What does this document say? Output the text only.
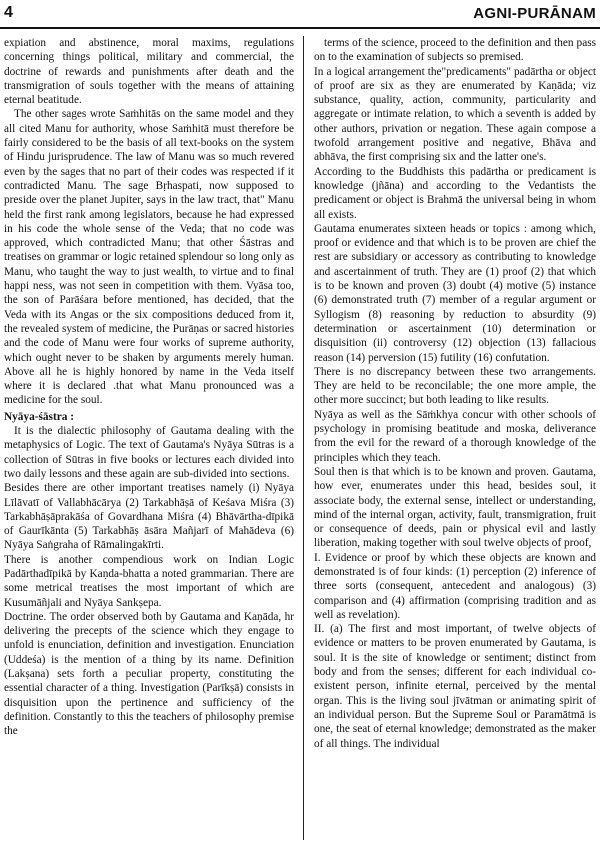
4	AGNI-PURĀNAM

expiation and abstinence, moral maxims, regulations concerning things political, military and commercial, the doctrine of rewards and punishments after death and the transmigration of souls together with the means of attaining eternal beatitude.

The other sages wrote Saṁhitās on the same model and they all cited Manu for authority, whose Saṁhitā must therefore be fairly considered to be the basis of all text-books on the system of Hindu jurisprudence. The law of Manu was so much revered even by the sages that no part of their codes was respected if it contradicted Manu. The sage Bṛhaspati, now supposed to preside over the planet Jupiter, says in the law tract, that" Manu held the first rank among legislators, because he had expressed in his code the whole sense of the Veda; that no code was approved, which contradicted Manu; that other Śāstras and treatises on grammar or logic retained splendour so long only as Manu, who taught the way to just wealth, to virtue and to final happi ness, was not seen in competition with them. Vyāsa too, the son of Parāśara before mentioned, has decided, that the Veda with its Angas or the six compositions deduced from it, the revealed system of medicine, the Purāṇas or sacred histories and the code of Manu were four works of supreme authority, which ought never to be shaken by arguments merely human. Above all he is highly honored by name in the Veda itself where it is declared .that what Manu pronounced was a medicine for the soul.

Nyāya-śāstra :

It is the dialectic philosophy of Gautama dealing with the metaphysics of Logic. The text of Gautama's Nyāya Sūtras is a collection of Sūtras in five books or lectures each divided into two daily lessons and these again are sub-divided into sections.

Besides there are other important treatises namely (i) Nyāya Līlāvatī of Vallabhācārya (2) Tarkabhāṣā of Keśava Miśra (3) Tarkabhāṣāprakāśa of Govardhana Miśra (4) Bhāvārtha-dīpikā of Gaurīkānta (5) Tarkabhāṣ āsāra Mañjarī of Mahādeva (6) Nyāya Saṅgraha of Rāmalingakīrti.

There is another compendious work on Indian Logic Padārthadīpikā by Kaṇda-bhatta a noted grammarian. There are some metrical treatises the most important of which are Kusumāñjali and Nyāya Sankṣepa.

Doctrine. The order observed both by Gautama and Kaṇāda, hr delivering the precepts of the science which they engage to unfold is enunciation, definition and investigation. Enunciation (Uddeśa) is the mention of a thing by its name. Definition (Lakṣana) sets forth a peculiar property, constituting the essential character of a thing. Investigation (Parīkṣā) consists in disquisition upon the pertinence and sufficiency of the definition. Constantly to this the teachers of philosophy premise the

terms of the science, proceed to the definition and then pass on to the examination of subjects so premised.

In a logical arrangement the"predicaments" padārtha or object of proof are six as they are enumerated by Kaṇāda; viz substance, quality, action, community, particularity and aggregate or intimate relation, to which a seventh is added by other authors, privation or negation. These again compose a twofold arrangement positive and negative, Bhāva and abhāva, the first comprising six and the latter one's.

According to the Buddhists this padārtha or predicament is knowledge (jñāna) and according to the Vedantists the predicament or object is Brahmā the universal being in whom all exists.

Gautama enumerates sixteen heads or topics : among which, proof or evidence and that which is to be proven are chief the rest are subsidiary or accessory as contributing to knowledge and ascertainment of truth. They are (1) proof (2) that which is to be known and proven (3) doubt (4) motive (5) instance (6) demonstrated truth (7) member of a regular argument or Syllogism (8) reasoning by reduction to absurdity (9) determination or ascertainment (10) determination or disquisition (ii) controversy (12) objection (13) fallacious reason (14) perversion (15) futility (16) confutation.

There is no discrepancy between these two arrangements. They are held to be reconcilable; the one more ample, the other more succinct; but both leading to like results.

Nyāya as well as the Sāṁkhya concur with other schools of psychology in promising beatitude and moska, deliverance from the evil for the reward of a thorough knowledge of the principles which they teach.

Soul then is that which is to be known and proven. Gautama, how ever, enumerates under this head, besides soul, it associate body, the external sense, intellect or understanding, mind of the internal organ, activity, fault, transmigration, fruit or consequence of deeds, pain or physical evil and lastly liberation, making together with soul twelve objects of proof,

I. Evidence or proof by which these objects are known and demonstrated is of four kinds: (1) perception (2) inference of three sorts (consequent, antecedent and analogous) (3) comparison and (4) affirmation (comprising tradition and as well as revelation).

II. (a) The first and most important, of twelve objects of evidence or matters to be proven enumerated by Gautama, is soul. It is the site of knowledge or sentiment; distinct from body and from the senses; different for each individual co-existent person, infinite eternal, perceived by the mental organ. This is the living soul jīvātman or animating spirit of an individual person. But the Supreme Soul or Paramātmā is one, the seat of eternal knowledge; demonstrated as the maker of all things. The individual
